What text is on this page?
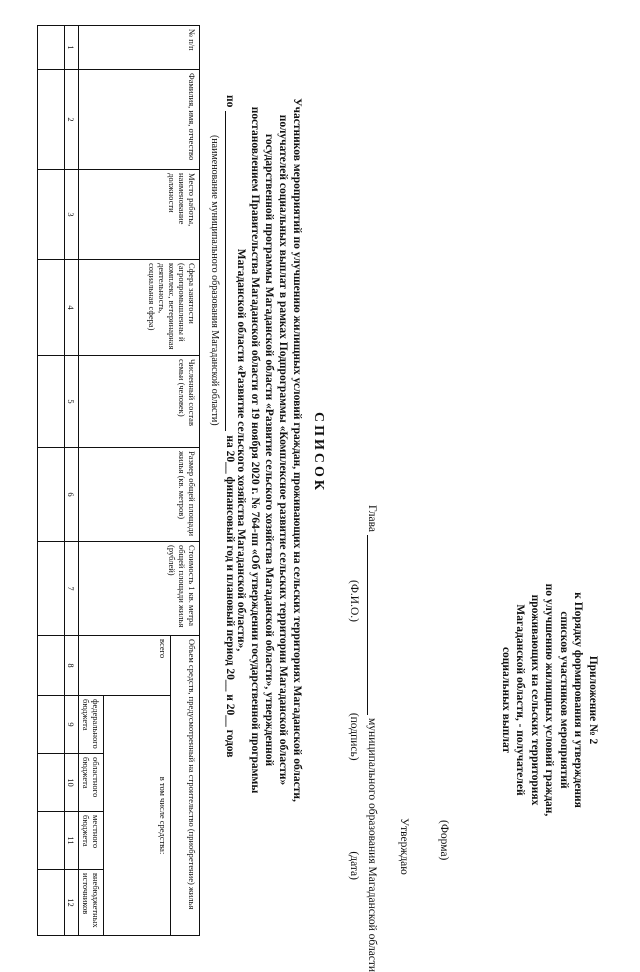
Приложение № 2
к Порядку формирования и утверждения
списков участников мероприятий
по улучшению жилищных условий граждан,
проживающих на сельских территориях
Магаданской области, - получателей
социальных выплат
(Форма)
Утверждаю
Главамуниципального образования Магаданской области
(Ф.И.О.)
(подпись)
(дата)
СПИСОК
Участников мероприятий по улучшению жилищных условий граждан, проживающих на сельских территориях Магаданской области, получателей социальных выплат в рамках Подпрограммы «Комплексное развитие сельских территории Магаданской области» государственной программы Магаданской области «Развитие сельского хозяйства Магаданской области», утвержденной постановлением Правительства Магаданской области от 19 ноября 2020 г. № 764-пп «Об утверждении государственной программы Магаданской области «Развитие сельского хозяйства Магаданской области»,
пона 20__ финансовый год и плановый период 20__ и 20__ годов
(наименование муниципального образования Магаданской области)
№ п/п	Фамилия, имя, отчество	Место работы, наименование должности	Сфера занятости (агропромышленны й комплекс, ветеринарная деятельность, социальная сфера)	Численный состав семьи (человек)	Размер общей площади жилья (кв. метров)	Стоимость 1 кв. метра общей площади жилья (рублей)	Объем средств, предусмотренный на строительство (приобретение) жилья				
							всего	в том числе средства:			
								федерального бюджета	областного бюджета	местного бюджета	внебюджетных источников
1	2	3	4	5	6	7	8	9	10	11	12
